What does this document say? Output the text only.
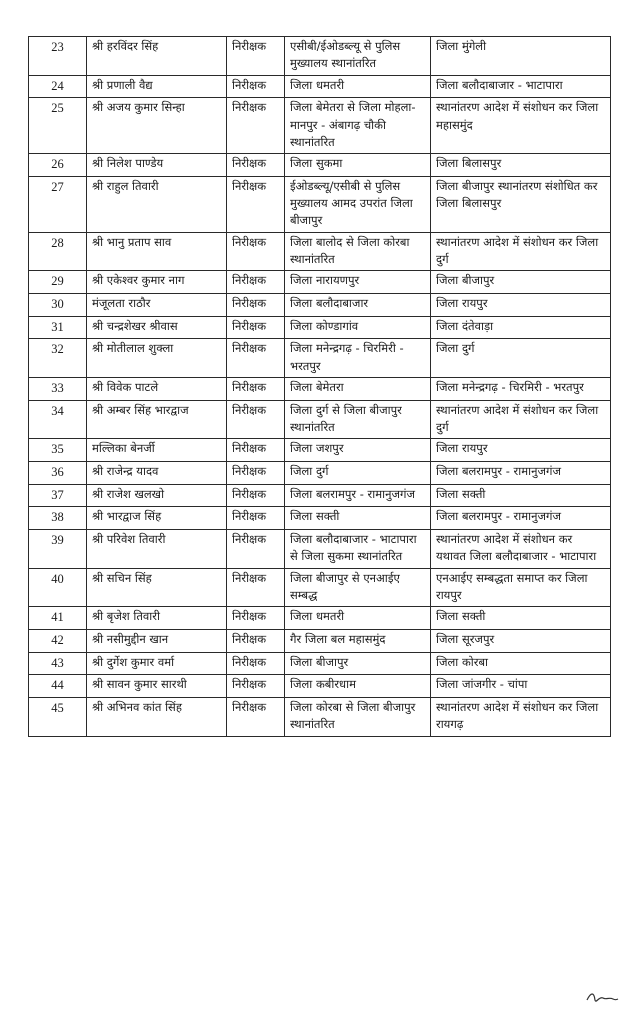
23	श्री हरविंदर सिंह	निरीक्षक	एसीबी/ईओडब्ल्यू से पुलिस मुख्यालय स्थानांतरित	जिला मुंगेली
24	श्री प्रणाली वैद्य	निरीक्षक	जिला धमतरी	जिला बलौदाबाजार - भाटापारा
25	श्री अजय कुमार सिन्हा	निरीक्षक	जिला बेमेतरा से जिला मोहला- मानपुर - अंबागढ़ चौकी स्थानांतरित	स्थानांतरण आदेश में संशोधन कर जिला महासमुंद
26	श्री निलेश पाण्डेय	निरीक्षक	जिला सुकमा	जिला बिलासपुर
27	श्री राहुल तिवारी	निरीक्षक	ईओडब्ल्यू/एसीबी से पुलिस मुख्यालय आमद उपरांत जिला बीजापुर	जिला बीजापुर स्थानांतरण संशोधित कर जिला बिलासपुर
28	श्री भानु प्रताप साव	निरीक्षक	जिला बालोद से जिला कोरबा स्थानांतरित	स्थानांतरण आदेश में संशोधन कर जिला दुर्ग
29	श्री एकेश्वर कुमार नाग	निरीक्षक	जिला नारायणपुर	जिला बीजापुर
30	मंजूलता राठौर	निरीक्षक	जिला बलौदाबाजार	जिला रायपुर
31	श्री चन्द्रशेखर श्रीवास	निरीक्षक	जिला कोण्डागांव	जिला दंतेवाड़ा
32	श्री मोतीलाल शुक्ला	निरीक्षक	जिला मनेन्द्रगढ़ - चिरमिरी - भरतपुर	जिला दुर्ग
33	श्री विवेक पाटले	निरीक्षक	जिला बेमेतरा	जिला मनेन्द्रगढ़ - चिरमिरी - भरतपुर
34	श्री अम्बर सिंह भारद्वाज	निरीक्षक	जिला दुर्ग से जिला बीजापुर स्थानांतरित	स्थानांतरण आदेश में संशोधन कर जिला दुर्ग
35	मल्लिका बेनर्जी	निरीक्षक	जिला जशपुर	जिला रायपुर
36	श्री राजेन्द्र यादव	निरीक्षक	जिला दुर्ग	जिला बलरामपुर - रामानुजगंज
37	श्री राजेश खलखो	निरीक्षक	जिला बलरामपुर - रामानुजगंज	जिला सक्ती
38	श्री भारद्वाज सिंह	निरीक्षक	जिला सक्ती	जिला बलरामपुर - रामानुजगंज
39	श्री परिवेश तिवारी	निरीक्षक	जिला बलौदाबाजार - भाटापारा से जिला सुकमा स्थानांतरित	स्थानांतरण आदेश में संशोधन कर यथावत जिला बलौदाबाजार - भाटापारा
40	श्री सचिन सिंह	निरीक्षक	जिला बीजापुर से एनआईए सम्बद्ध	एनआईए सम्बद्धता समाप्त कर जिला रायपुर
41	श्री बृजेश तिवारी	निरीक्षक	जिला धमतरी	जिला सक्ती
42	श्री नसीमुद्दीन खान	निरीक्षक	गैर जिला बल महासमुंद	जिला सूरजपुर
43	श्री दुर्गेश कुमार वर्मा	निरीक्षक	जिला बीजापुर	जिला कोरबा
44	श्री सावन कुमार सारथी	निरीक्षक	जिला कबीरधाम	जिला जांजगीर - चांपा
45	श्री अभिनव कांत सिंह	निरीक्षक	जिला कोरबा से जिला बीजापुर स्थानांतरित	स्थानांतरण आदेश में संशोधन कर जिला रायगढ़
